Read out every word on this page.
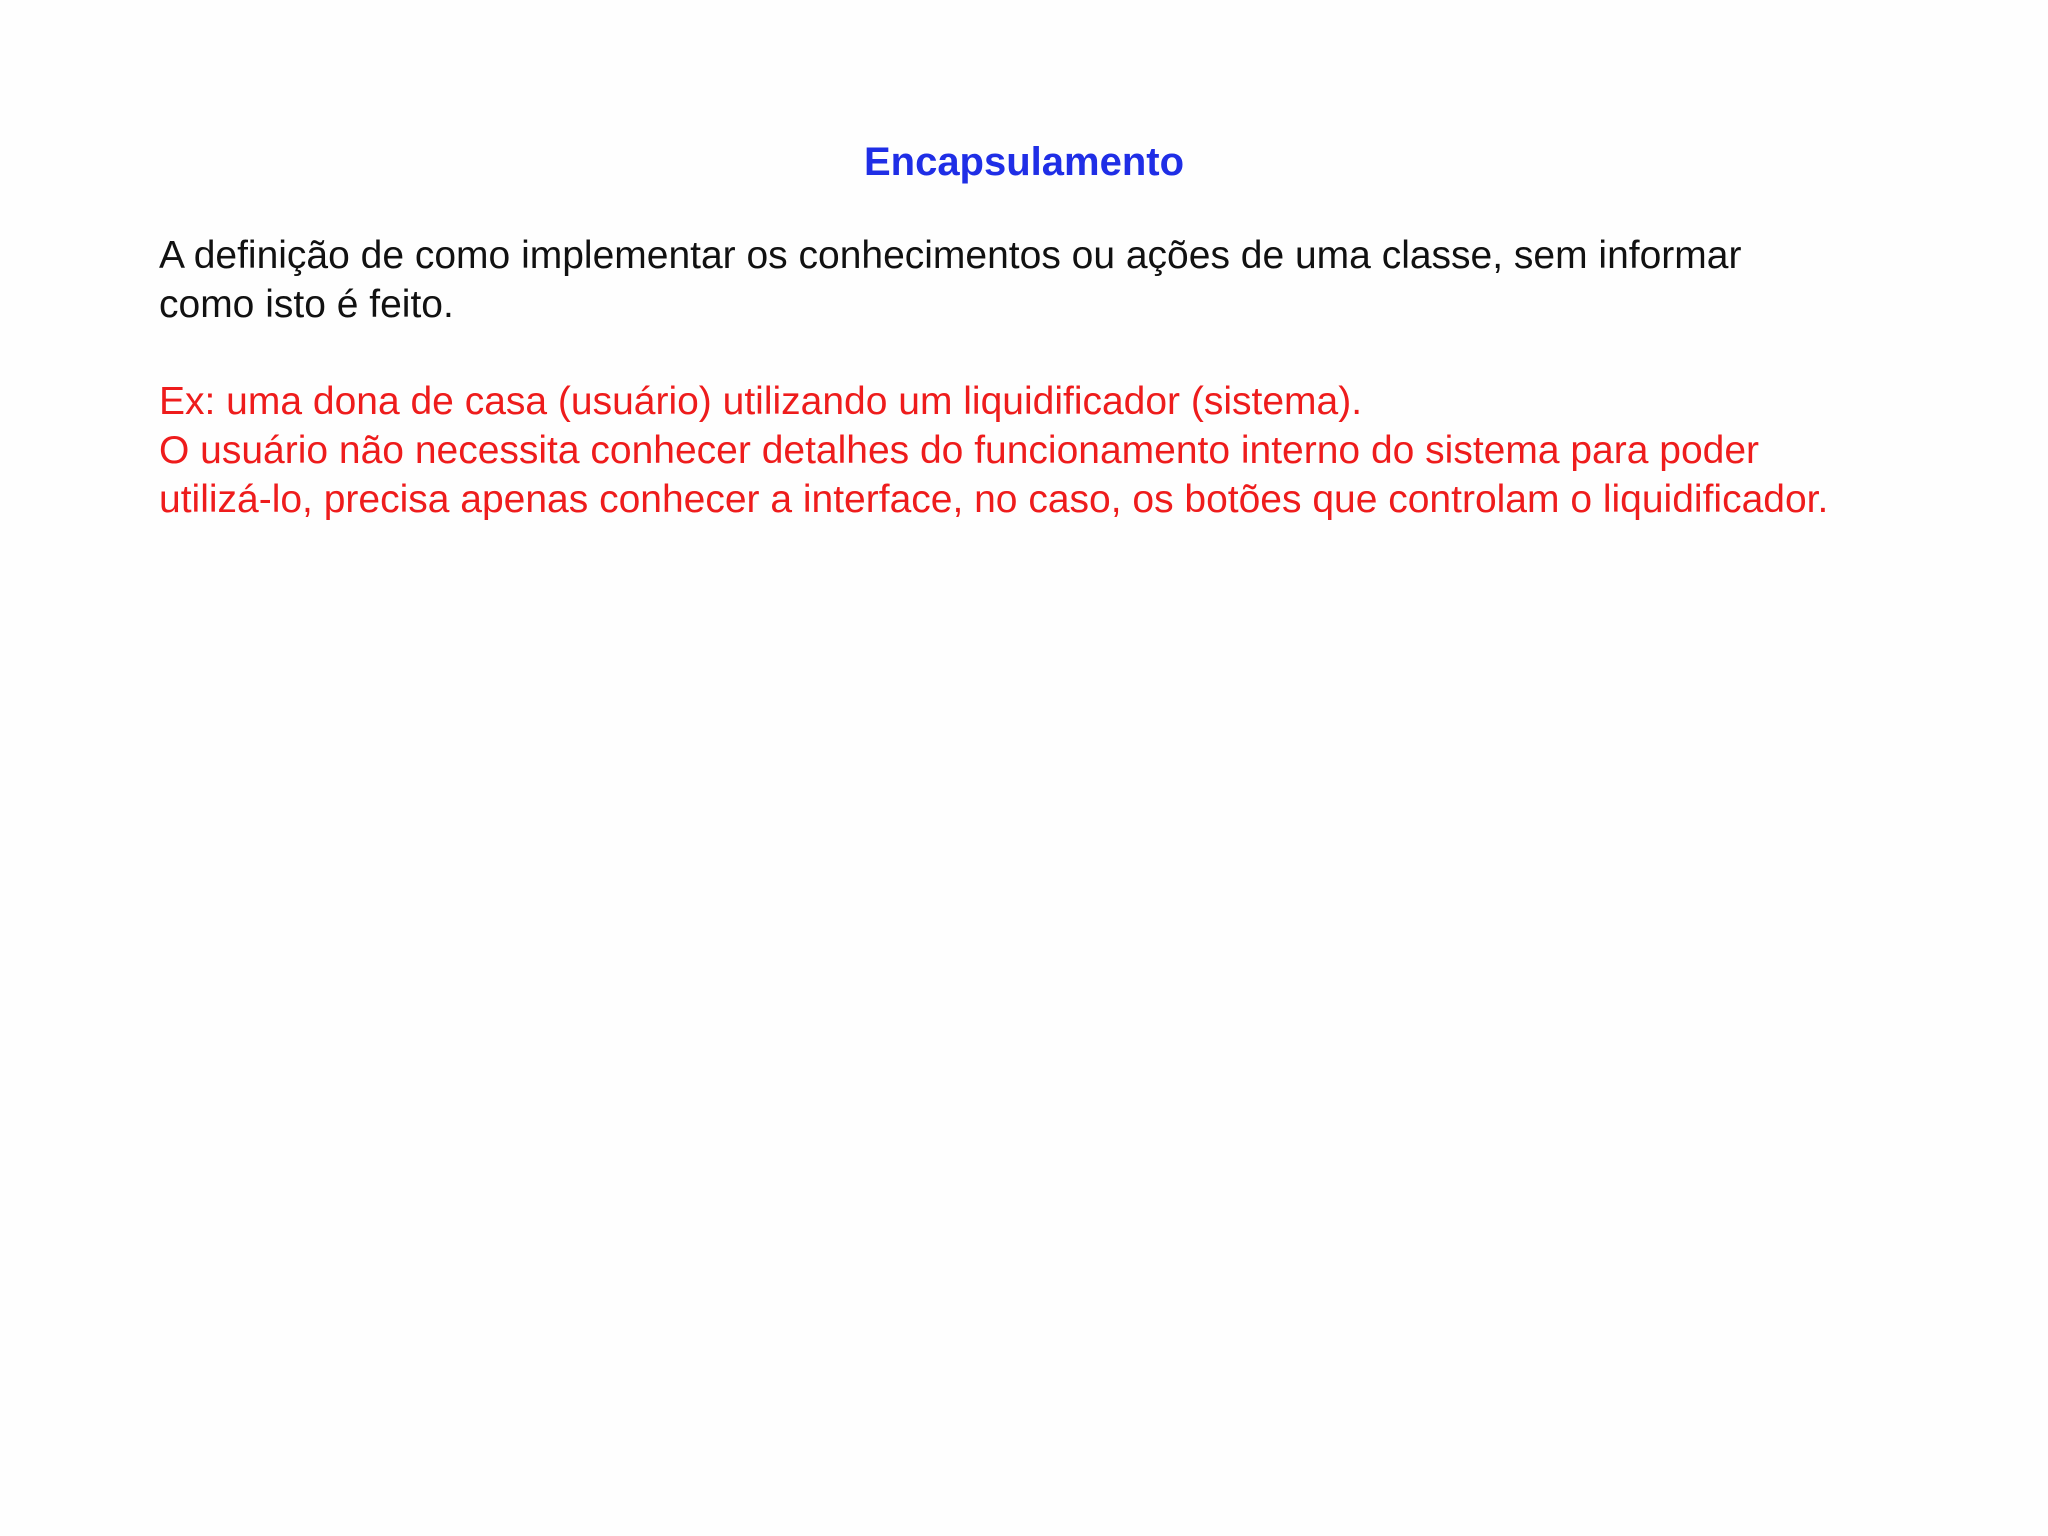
Encapsulamento
A definição de como implementar os conhecimentos ou ações de uma classe, sem informar
como isto é feito.
Ex: uma dona de casa (usuário) utilizando um liquidificador (sistema).
O usuário não necessita conhecer detalhes do funcionamento interno do sistema para poder
utilizá-lo, precisa apenas conhecer a interface, no caso, os botões que controlam o liquidificador.
